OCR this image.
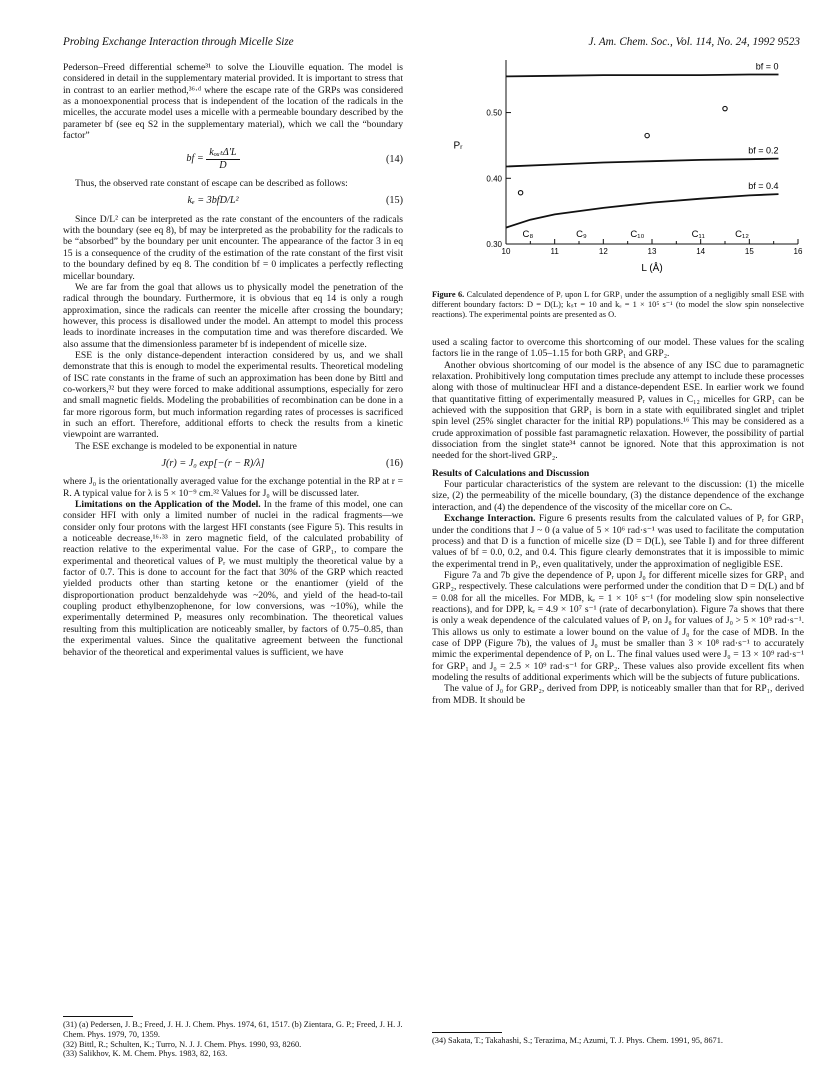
Probing Exchange Interaction through Micelle Size	J. Am. Chem. Soc., Vol. 114, No. 24, 1992 9523

Pederson–Freed differential scheme³¹ to solve the Liouville equation. The model is considered in detail in the supplementary material provided. It is important to stress that in contrast to an earlier method,³⁶·ᵈ where the escape rate of the GRPs was considered as a monoexponential process that is independent of the location of the radicals in the micelles, the accurate model uses a micelle with a permeable boundary described by the parameter bf (see eq S2 in the supplementary material), which we call the “boundary factor”

bf = $\frac{\text{kₒᵤₜΔ′L}}{D}$	(14)

Thus, the observed rate constant of escape can be described as follows:

kₑ = 3bfD/L²	(15)

Since D/L² can be interpreted as the rate constant of the encounters of the radicals with the boundary (see eq 8), bf may be interpreted as the probability for the radicals to be “absorbed” by the boundary per unit encounter. The appearance of the factor 3 in eq 15 is a consequence of the crudity of the estimation of the rate constant of the first visit to the boundary defined by eq 8. The condition bf = 0 implicates a perfectly reflecting micellar boundary.

We are far from the goal that allows us to physically model the penetration of the radical through the boundary. Furthermore, it is obvious that eq 14 is only a rough approximation, since the radicals can reenter the micelle after crossing the boundary; however, this process is disallowed under the model. An attempt to model this process leads to inordinate increases in the computation time and was therefore discarded. We also assume that the dimensionless parameter bf is independent of micelle size.

ESE is the only distance-dependent interaction considered by us, and we shall demonstrate that this is enough to model the experimental results. Theoretical modeling of ISC rate constants in the frame of such an approximation has been done by Bittl and co-workers,³² but they were forced to make additional assumptions, especially for zero and small magnetic fields. Modeling the probabilities of recombination can be done in a far more rigorous form, but much information regarding rates of processes is sacrificed in such an effort. Therefore, additional efforts to check the results from a kinetic viewpoint are warranted.

The ESE exchange is modeled to be exponential in nature

J(r) = J₀ exp[−(r − R)/λ]	(16)

where J₀ is the orientationally averaged value for the exchange potential in the RP at r = R. A typical value for λ is 5 × 10⁻⁹ cm.³² Values for J₀ will be discussed later.

Limitations on the Application of the Model. In the frame of this model, one can consider HFI with only a limited number of nuclei in the radical fragments—we consider only four protons with the largest HFI constants (see Figure 5). This results in a noticeable decrease,¹⁶·³³ in zero magnetic field, of the calculated probability of reaction relative to the experimental value. For the case of GRP₁, to compare the experimental and theoretical values of Pᵣ we must multiply the theoretical value by a factor of 0.7. This is done to account for the fact that 30% of the GRP which reacted yielded products other than starting ketone or the enantiomer (yield of the disproportionation product benzaldehyde was ~20%, and yield of the head-to-tail coupling product ethylbenzophenone, for low conversions, was ~10%), while the experimentally determined Pᵣ measures only recombination. The theoretical values resulting from this multiplication are noticeably smaller, by factors of 0.75–0.85, than the experimental values. Since the qualitative agreement between the functional behavior of the theoretical and experimental values is sufficient, we have

(31) (a) Pedersen, J. B.; Freed, J. H. J. Chem. Phys. 1974, 61, 1517. (b) Zientara, G. P.; Freed, J. H. J. Chem. Phys. 1979, 70, 1359.
(32) Bittl, R.; Schulten, K.; Turro, N. J. J. Chem. Phys. 1990, 93, 8260.
(33) Salikhov, K. M. Chem. Phys. 1983, 82, 163.
10	11	12	13	14	15	16
0.30
0.40
0.50
L (Å)
Pᵣ
bf = 0
bf = 0.2
bf = 0.4
C₈	C₉	C₁₀	C₁₁	C₁₂
Figure 6. Calculated dependence of Pᵣ upon L for GRP₁ under the assumption of a negligibly small ESE with different boundary factors: D = D(L); kₛτ = 10 and kₑ = 1 × 10⁵ s⁻¹ (to model the slow spin nonselective reactions). The experimental points are presented as O.

used a scaling factor to overcome this shortcoming of our model. These values for the scaling factors lie in the range of 1.05–1.15 for both GRP₁ and GRP₂.

Another obvious shortcoming of our model is the absence of any ISC due to paramagnetic relaxation. Prohibitively long computation times preclude any attempt to include these processes along with those of multinuclear HFI and a distance-dependent ESE. In earlier work we found that quantitative fitting of experimentally measured Pᵣ values in C₁₂ micelles for GRP₁ can be achieved with the supposition that GRP₁ is born in a state with equilibrated singlet and triplet spin level (25% singlet character for the initial RP) populations.¹⁶ This may be considered as a crude approximation of possible fast paramagnetic relaxation. However, the possibility of partial dissociation from the singlet state³⁴ cannot be ignored. Note that this approximation is not needed for the short-lived GRP₂.

Results of Calculations and Discussion

Four particular characteristics of the system are relevant to the discussion: (1) the micelle size, (2) the permeability of the micelle boundary, (3) the distance dependence of the exchange interaction, and (4) the dependence of the viscosity of the micellar core on Cₙ.

Exchange Interaction. Figure 6 presents results from the calculated values of Pᵣ for GRP₁ under the conditions that J ~ 0 (a value of 5 × 10⁶ rad·s⁻¹ was used to facilitate the computation process) and that D is a function of micelle size (D = D(L), see Table I) and for three different values of bf = 0.0, 0.2, and 0.4. This figure clearly demonstrates that it is impossible to mimic the experimental trend in Pᵣ, even qualitatively, under the approximation of negligible ESE.

Figure 7a and 7b give the dependence of Pᵣ upon J₀ for different micelle sizes for GRP₁ and GRP₂, respectively. These calculations were performed under the condition that D = D(L) and bf = 0.08 for all the micelles. For MDB, kₑ = 1 × 10⁵ s⁻¹ (for modeling slow spin nonselective reactions), and for DPP, kₑ = 4.9 × 10⁷ s⁻¹ (rate of decarbonylation). Figure 7a shows that there is only a weak dependence of the calculated values of Pᵣ on J₀ for values of J₀ > 5 × 10⁹ rad·s⁻¹. This allows us only to estimate a lower bound on the value of J₀ for the case of MDB. In the case of DPP (Figure 7b), the values of J₀ must be smaller than 3 × 10⁸ rad·s⁻¹ to accurately mimic the experimental dependence of Pᵣ on L. The final values used were J₀ = 13 × 10⁹ rad·s⁻¹ for GRP₁ and J₀ = 2.5 × 10⁹ rad·s⁻¹ for GRP₂. These values also provide excellent fits when modeling the results of additional experiments which will be the subjects of future publications.

The value of J₀ for GRP₂, derived from DPP, is noticeably smaller than that for RP₁, derived from MDB. It should be

(34) Sakata, T.; Takahashi, S.; Terazima, M.; Azumi, T. J. Phys. Chem. 1991, 95, 8671.
